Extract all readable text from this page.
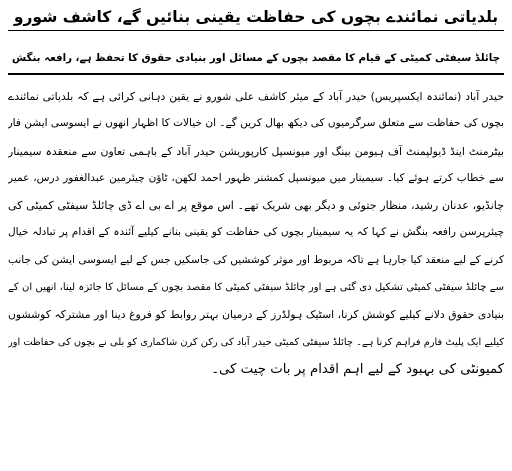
بلدیاتی نمائندے بچوں کی حفاظت یقینی بنائیں گے، کاشف شورو
چائلڈ سیفٹی کمیٹی کے قیام کا مقصد بچوں کے مسائل اور بنیادی حقوق کا تحفظ ہے، رافعہ بنگش
حیدر آباد (نمائندہ ایکسپریس) حیدر آباد کے میئر کاشف علی شورو نے یقین دہانی کرائی ہے کہ بلدیاتی نمائندے
بچوں کی حفاظت سے متعلق سرگرمیوں کی دیکھ بھال کریں گے۔ ان خیالات کا اظہار انھوں نے ایسوسی ایشن فار
بیٹرمنٹ اینڈ ڈیولپمنٹ آف ہیومن بینگ اور میونسپل کارپوریشن حیدر آباد کے باہمی تعاون سے منعقدہ سیمینار
سے خطاب کرتے ہوئے کیا۔ سیمینار میں میونسپل کمشنر ظہور احمد لکھن، ٹاؤن چیئرمین عبدالغفور درس، عمیر
چانڈیو، عدنان رشید، منظار جتوئی و دیگر بھی شریک تھے۔ اس موقع پر اے بی اے ڈی چائلڈ سیفٹی کمیٹی کی
چیئرپرسن رافعہ بنگش نے کہا کہ یہ سیمینار بچوں کی حفاظت کو یقینی بنانے کیلیے آئندہ کے اقدام پر تبادلہ خیال
کرنے کے لیے منعقد کیا جارہا ہے تاکہ مربوط اور موثر کوششیں کی جاسکیں جس کے لیے ایسوسی ایشن کی جانب
سے چائلڈ سیفٹی کمیٹی تشکیل دی گئی ہے اور چائلڈ سیفٹی کمیٹی کا مقصد بچوں کے مسائل کا جائزہ لینا، انھیں ان کے
بنیادی حقوق دلانے کیلیے کوشش کرنا، اسٹیک ہولڈرز کے درمیان بہتر روابط کو فروغ دینا اور مشترکہ کوششوں
کیلیے ایک پلیٹ فارم فراہم کرنا ہے۔ چائلڈ سیفٹی کمیٹی حیدر آباد کی رکن کرن شاکماری کو بلی نے بچوں کی حفاظت اور
کمیونٹی کی بہبود کے لیے اہم اقدام پر بات چیت کی۔
